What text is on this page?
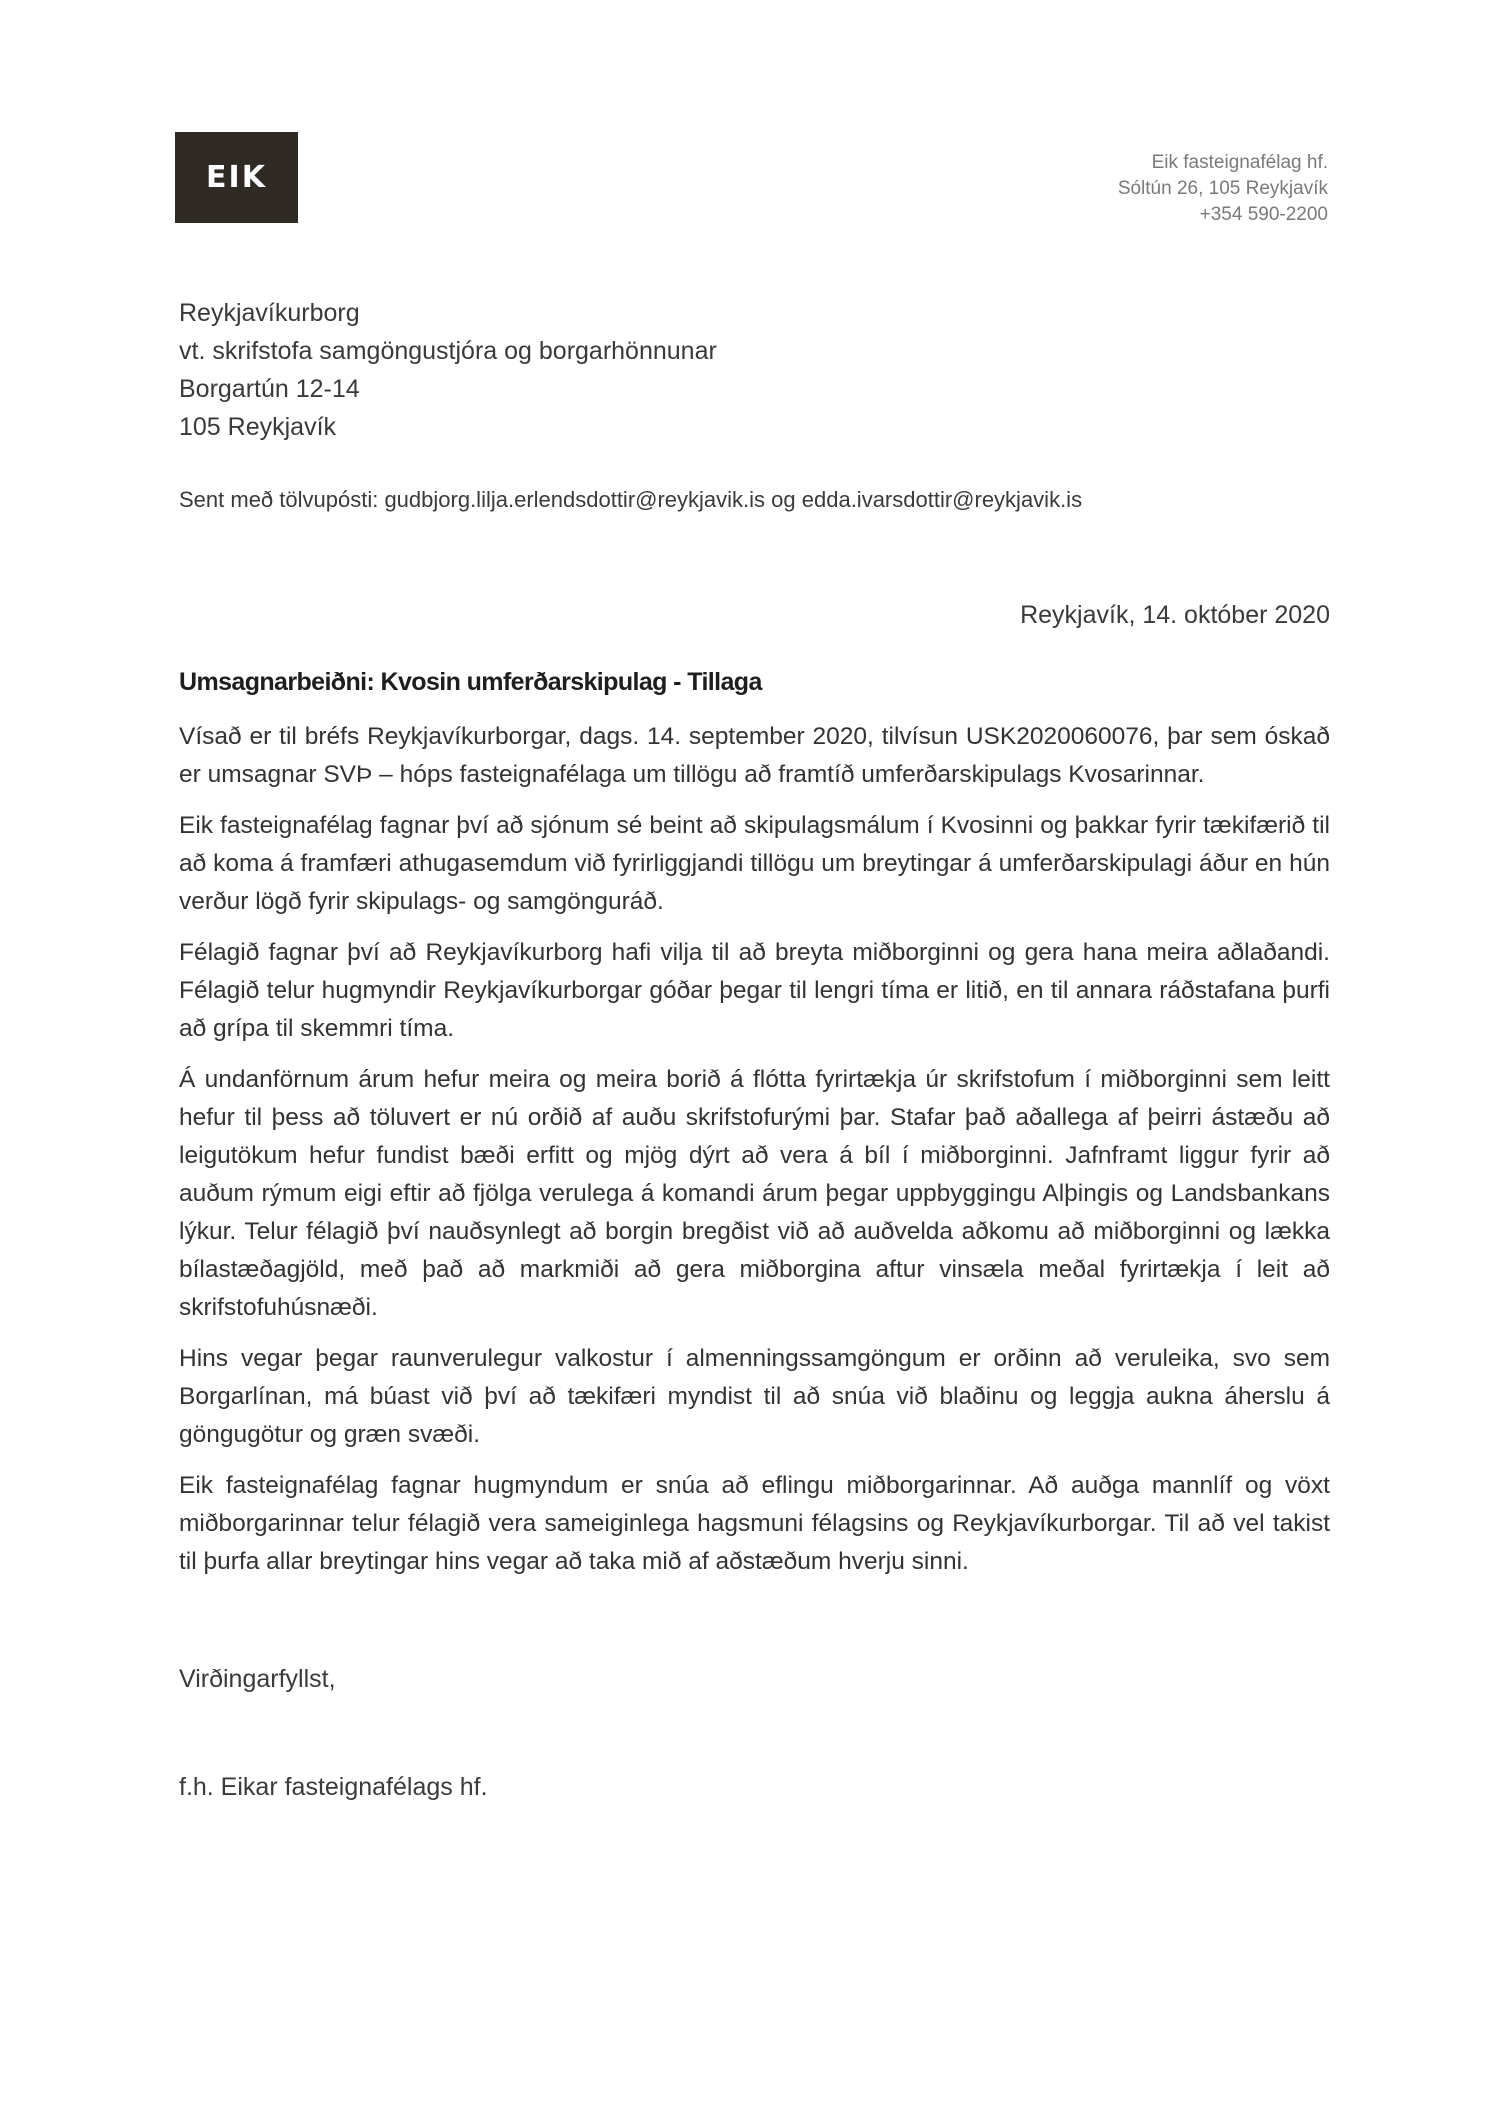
EIK	Eik fasteignafélag hf.
Sóltún 26, 105 Reykjavík
+354 590-2200
Reykjavíkurborg
vt. skrifstofa samgöngustjóra og borgarhönnunar
Borgartún 12-14
105 Reykjavík
Sent með tölvupósti: gudbjorg.lilja.erlendsdottir@reykjavik.is og edda.ivarsdottir@reykjavik.is
Reykjavík, 14. október 2020
Umsagnarbeiðni: Kvosin umferðarskipulag - Tillaga

Vísað er til bréfs Reykjavíkurborgar, dags. 14. september 2020, tilvísun USK2020060076, þar sem óskað er umsagnar SVÞ – hóps fasteignafélaga um tillögu að framtíð umferðarskipulags Kvosarinnar.

Eik fasteignafélag fagnar því að sjónum sé beint að skipulagsmálum í Kvosinni og þakkar fyrir tækifærið til að koma á framfæri athugasemdum við fyrirliggjandi tillögu um breytingar á umferðarskipulagi áður en hún verður lögð fyrir skipulags- og samgönguráð.

Félagið fagnar því að Reykjavíkurborg hafi vilja til að breyta miðborginni og gera hana meira aðlaðandi. Félagið telur hugmyndir Reykjavíkurborgar góðar þegar til lengri tíma er litið, en til annara ráðstafana þurfi að grípa til skemmri tíma.

Á undanförnum árum hefur meira og meira borið á flótta fyrirtækja úr skrifstofum í miðborginni sem leitt hefur til þess að töluvert er nú orðið af auðu skrifstofurými þar. Stafar það aðallega af þeirri ástæðu að leigutökum hefur fundist bæði erfitt og mjög dýrt að vera á bíl í miðborginni. Jafnframt liggur fyrir að auðum rýmum eigi eftir að fjölga verulega á komandi árum þegar uppbyggingu Alþingis og Landsbankans lýkur. Telur félagið því nauðsynlegt að borgin bregðist við að auðvelda aðkomu að miðborginni og lækka bílastæðagjöld, með það að markmiði að gera miðborgina aftur vinsæla meðal fyrirtækja í leit að skrifstofuhúsnæði.

Hins vegar þegar raunverulegur valkostur í almenningssamgöngum er orðinn að veruleika, svo sem Borgarlínan, má búast við því að tækifæri myndist til að snúa við blaðinu og leggja aukna áherslu á göngugötur og græn svæði.

Eik fasteignafélag fagnar hugmyndum er snúa að eflingu miðborgarinnar. Að auðga mannlíf og vöxt miðborgarinnar telur félagið vera sameiginlega hagsmuni félagsins og Reykjavíkurborgar. Til að vel takist til þurfa allar breytingar hins vegar að taka mið af aðstæðum hverju sinni.

Virðingarfyllst,
f.h. Eikar fasteignafélags hf.
